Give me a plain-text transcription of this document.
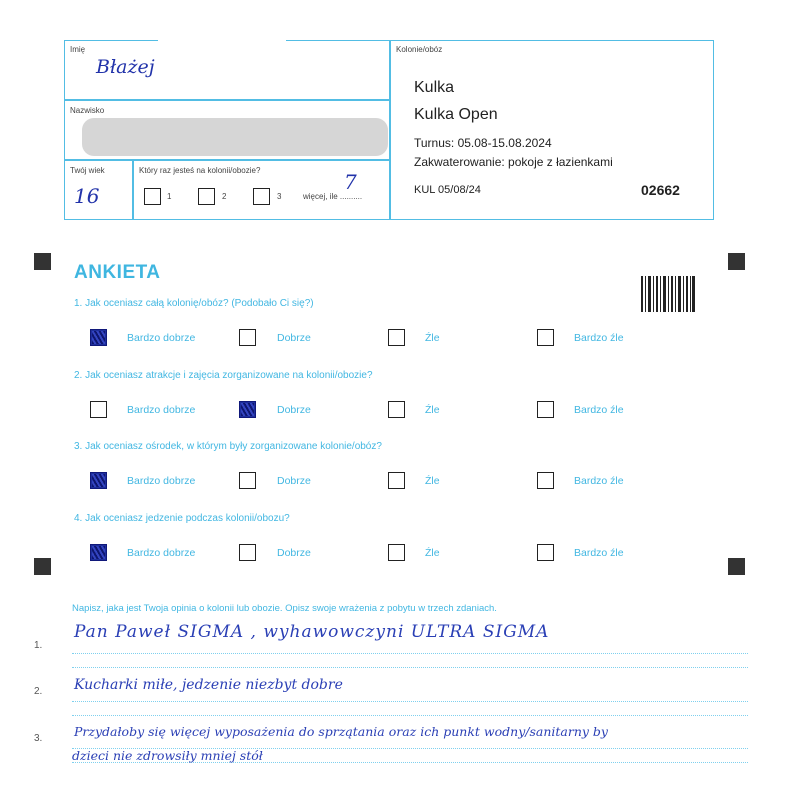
Imię
Błażej
Nazwisko
Twój wiek
16
Który raz jesteś na kolonii/obozie?
1	2	3	więcej, ile ..........
7
Kolonie/obóz
Kulka
Kulka Open
Turnus: 05.08-15.08.2024
Zakwaterowanie: pokoje z łazienkami
KUL 05/08/24	02662
ANKIETA
1. Jak oceniasz całą kolonię/obóz? (Podobało Ci się?)
Bardzo dobrze	Dobrze	Źle	Bardzo źle
2. Jak oceniasz atrakcje i zajęcia zorganizowane na kolonii/obozie?
Bardzo dobrze	Dobrze	Źle	Bardzo źle
3. Jak oceniasz ośrodek, w którym były zorganizowane kolonie/obóz?
Bardzo dobrze	Dobrze	Źle	Bardzo źle
4. Jak oceniasz jedzenie podczas kolonii/obozu?
Bardzo dobrze	Dobrze	Źle	Bardzo źle
Napisz, jaka jest Twoja opinia o kolonii lub obozie. Opisz swoje wrażenia z pobytu w trzech zdaniach.
1.
2.
3.
Pan Paweł SIGMA , wyhawowczyni ULTRA SIGMA
Kucharki miłe, jedzenie niezbyt dobre
Przydałoby się więcej wyposażenia do sprzątania oraz ich punkt wodny/sanitarny by
dzieci nie zdrowsiły mniej stół
